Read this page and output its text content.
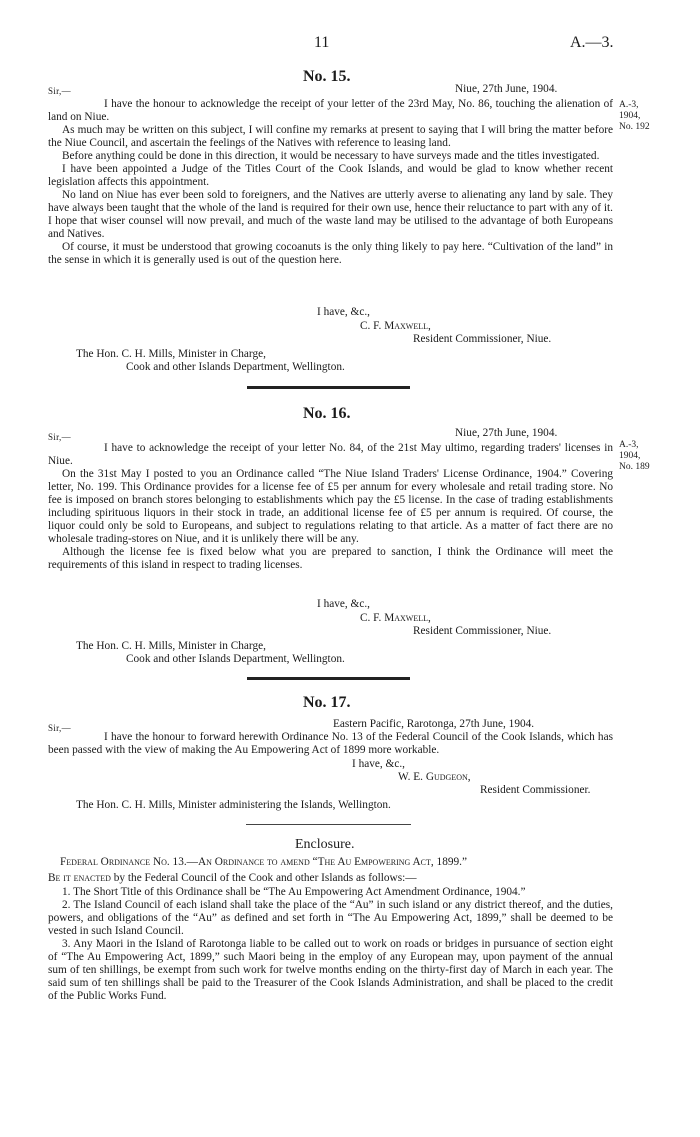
11	A.—3.
No. 15.
Sir,—	Niue, 27th June, 1904.
A.-3,
1904,
No. 192

I have the honour to acknowledge the receipt of your letter of the 23rd May, No. 86, touching the alienation of land on Niue.

As much may be written on this subject, I will confine my remarks at present to saying that I will bring the matter before the Niue Council, and ascertain the feelings of the Natives with reference to leasing land.

Before anything could be done in this direction, it would be necessary to have surveys made and the titles investigated.

I have been appointed a Judge of the Titles Court of the Cook Islands, and would be glad to know whether recent legislation affects this appointment.

No land on Niue has ever been sold to foreigners, and the Natives are utterly averse to alienating any land by sale. They have always been taught that the whole of the land is required for their own use, hence their reluctance to part with any of it. I hope that wiser counsel will now prevail, and much of the waste land may be utilised to the advantage of both Europeans and Natives.

Of course, it must be understood that growing cocoanuts is the only thing likely to pay here. “Cultivation of the land” in the sense in which it is generally used is out of the question here.

I have, &c.,
C. F. Maxwell,
Resident Commissioner, Niue.
The Hon. C. H. Mills, Minister in Charge,
Cook and other Islands Department, Wellington.
No. 16.
Sir,—	Niue, 27th June, 1904.
A.-3,
1904,
No. 189

I have to acknowledge the receipt of your letter No. 84, of the 21st May ultimo, regarding traders' licenses in Niue.

On the 31st May I posted to you an Ordinance called “The Niue Island Traders' License Ordinance, 1904.” Covering letter, No. 199. This Ordinance provides for a license fee of £5 per annum for every wholesale and retail trading store. No fee is imposed on branch stores belonging to establishments which pay the £5 license. In the case of trading establishments including spirituous liquors in their stock in trade, an additional license fee of £5 per annum is required. Of course, the liquor could only be sold to Europeans, and subject to regulations relating to that article. As a matter of fact there are no wholesale trading-stores on Niue, and it is unlikely there will be any.

Although the license fee is fixed below what you are prepared to sanction, I think the Ordinance will meet the requirements of this island in respect to trading licenses.

I have, &c.,
C. F. Maxwell,
Resident Commissioner, Niue.
The Hon. C. H. Mills, Minister in Charge,
Cook and other Islands Department, Wellington.
No. 17.
Sir,—	Eastern Pacific, Rarotonga, 27th June, 1904.

I have the honour to forward herewith Ordinance No. 13 of the Federal Council of the Cook Islands, which has been passed with the view of making the Au Empowering Act of 1899 more workable.

I have, &c.,
W. E. Gudgeon,
Resident Commissioner.
The Hon. C. H. Mills, Minister administering the Islands, Wellington.
Enclosure.
Federal Ordinance No. 13.—An Ordinance to amend “The Au Empowering Act, 1899.”
Be it enacted by the Federal Council of the Cook and other Islands as follows:—

1. The Short Title of this Ordinance shall be “The Au Empowering Act Amendment Ordinance, 1904.”

2. The Island Council of each island shall take the place of the “Au” in such island or any district thereof, and the duties, powers, and obligations of the “Au” as defined and set forth in “The Au Empowering Act, 1899,” shall be deemed to be vested in such Island Council.

3. Any Maori in the Island of Rarotonga liable to be called out to work on roads or bridges in pursuance of section eight of “The Au Empowering Act, 1899,” such Maori being in the employ of any European may, upon payment of the annual sum of ten shillings, be exempt from such work for twelve months ending on the thirty-first day of March in each year. The said sum of ten shillings shall be paid to the Treasurer of the Cook Islands Administration, and shall be placed to the credit of the Public Works Fund.
